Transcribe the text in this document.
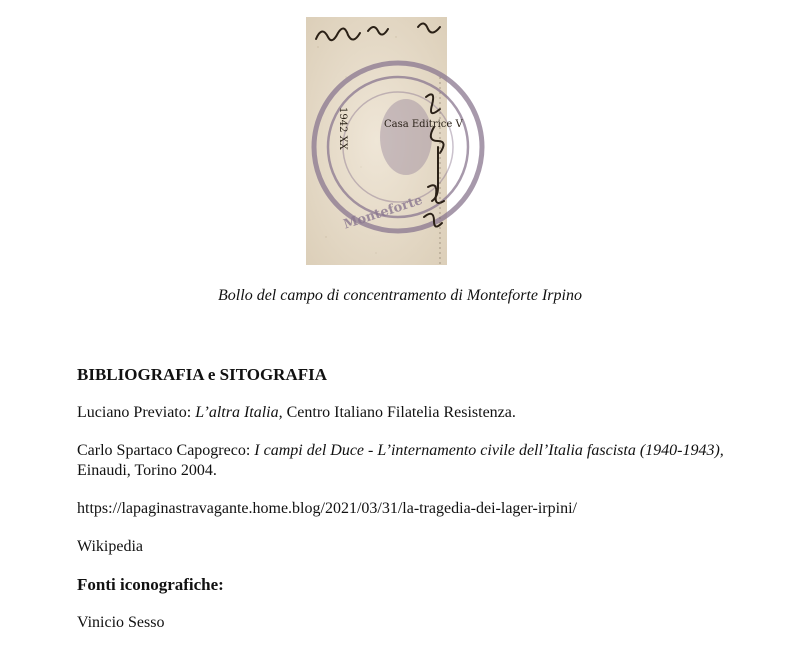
Monteforte
1942 XX	Casa Editrice V
Bollo del campo di concentramento di Monteforte Irpino
BIBLIOGRAFIA e SITOGRAFIA
Luciano Previato: L’altra Italia, Centro Italiano Filatelia Resistenza.
Carlo Spartaco Capogreco: I campi del Duce - L’internamento civile dell’Italia fascista (1940-1943), Einaudi, Torino 2004.
https://lapaginastravagante.home.blog/2021/03/31/la-tragedia-dei-lager-irpini/
Wikipedia
Fonti iconografiche:
Vinicio Sesso
